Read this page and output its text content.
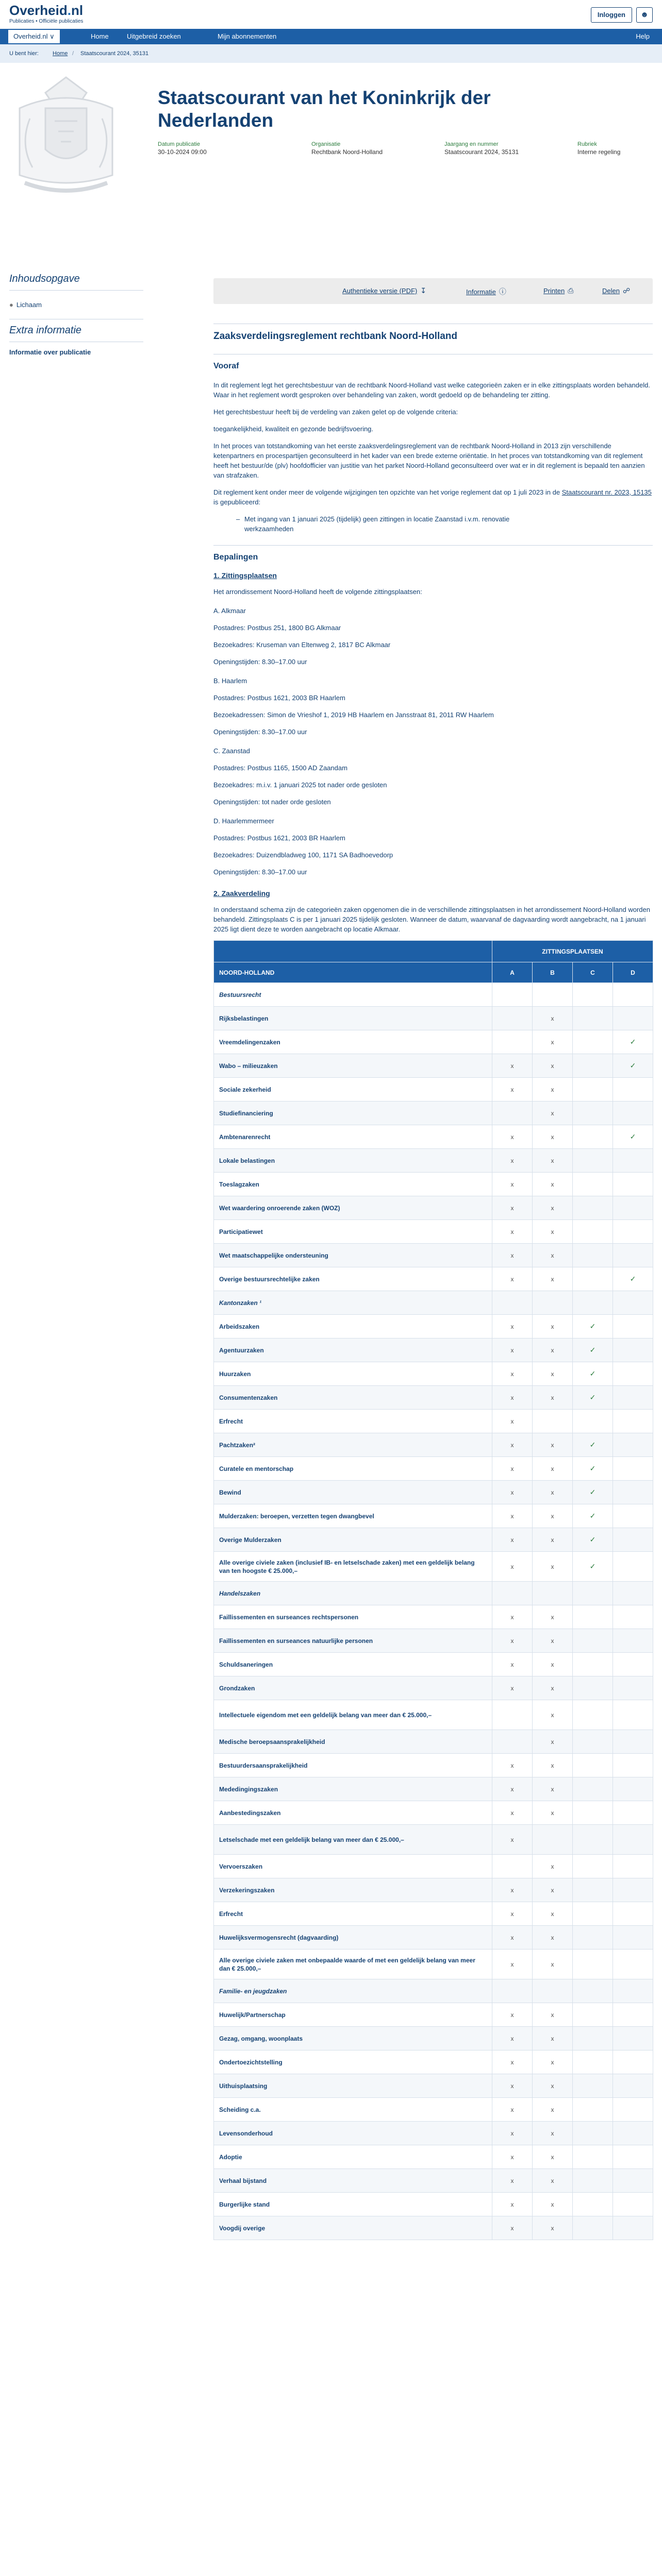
Overheid.nl
Publicaties • Officiële publicaties
Inloggen	☻
Overheid.nl ∨	Home	Uitgebreid zoeken	Mijn abonnementen	Help
U bent hier: Home / Staatscourant 2024, 35131
Staatscourant van het Koninkrijk der Nederlanden
Datum publicatie
30-10-2024 09:00
Organisatie
Rechtbank Noord-Holland
Jaargang en nummer
Staatscourant 2024, 35131
Rubriek
Interne regeling
Inhoudsopgave
● Lichaam
Extra informatie
Informatie over publicatie
Authentieke versie (PDF) ↧	Informatie ⓘ	Printen ⎙	Delen ☍
Zaaksverdelingsreglement rechtbank Noord-Holland
Vooraf
In dit reglement legt het gerechtsbestuur van de rechtbank Noord-Holland vast welke categorieën zaken er in elke zittingsplaats worden behandeld. Waar in het reglement wordt gesproken over behandeling van zaken, wordt gedoeld op de behandeling ter zitting.
Het gerechtsbestuur heeft bij de verdeling van zaken gelet op de volgende criteria:
toegankelijkheid, kwaliteit en gezonde bedrijfsvoering.
In het proces van totstandkoming van het eerste zaaksverdelingsreglement van de rechtbank Noord-Holland in 2013 zijn verschillende ketenpartners en procespartijen geconsulteerd in het kader van een brede externe oriëntatie. In het proces van totstandkoming van dit reglement heeft het bestuur/de (plv) hoofdofficier van justitie van het parket Noord-Holland geconsulteerd over wat er in dit reglement is bepaald ten aanzien van strafzaken.
Dit reglement kent onder meer de volgende wijzigingen ten opzichte van het vorige reglement dat op 1 juli 2023 in de Staatscourant nr. 2023, 15135 is gepubliceerd:
– Met ingang van 1 januari 2025 (tijdelijk) geen zittingen in locatie Zaanstad i.v.m. renovatie werkzaamheden
Bepalingen
1. Zittingsplaatsen
Het arrondissement Noord-Holland heeft de volgende zittingsplaatsen:
A. Alkmaar
Postadres: Postbus 251, 1800 BG Alkmaar
Bezoekadres: Kruseman van Eltenweg 2, 1817 BC Alkmaar
Openingstijden: 8.30–17.00 uur
B. Haarlem
Postadres: Postbus 1621, 2003 BR Haarlem
Bezoekadressen: Simon de Vrieshof 1, 2019 HB Haarlem en Jansstraat 81, 2011 RW Haarlem
Openingstijden: 8.30–17.00 uur
C. Zaanstad
Postadres: Postbus 1165, 1500 AD Zaandam
Bezoekadres: m.i.v. 1 januari 2025 tot nader orde gesloten
Openingstijden: tot nader orde gesloten
D. Haarlemmermeer
Postadres: Postbus 1621, 2003 BR Haarlem
Bezoekadres: Duizendbladweg 100, 1171 SA Badhoevedorp
Openingstijden: 8.30–17.00 uur
2. Zaakverdeling
In onderstaand schema zijn de categorieën zaken opgenomen die in de verschillende zittingsplaatsen in het arrondissement Noord-Holland worden behandeld. Zittingsplaats C is per 1 januari 2025 tijdelijk gesloten. Wanneer de datum, waarvanaf de dagvaarding wordt aangebracht, na 1 januari 2025 ligt dient deze te worden aangebracht op locatie Alkmaar.
	ZITTINGSPLAATSEN			
NOORD-HOLLAND	A	B	C	D
Bestuursrecht				
Rijksbelastingen		x		
Vreemdelingenzaken		x		✓
Wabo – milieuzaken	x	x		✓
Sociale zekerheid	x	x		
Studiefinanciering		x		
Ambtenarenrecht	x	x		✓
Lokale belastingen	x	x		
Toeslagzaken	x	x		
Wet waardering onroerende zaken (WOZ)	x	x		
Participatiewet	x	x		
Wet maatschappelijke ondersteuning	x	x		
Overige bestuursrechtelijke zaken	x	x		✓
Kantonzaken ¹				
Arbeidszaken	x	x	✓	
Agentuurzaken	x	x	✓	
Huurzaken	x	x	✓	
Consumentenzaken	x	x	✓	
Erfrecht	x			
Pachtzaken²	x	x	✓	
Curatele en mentorschap	x	x	✓	
Bewind	x	x	✓	
Mulderzaken: beroepen, verzetten tegen dwangbevel	x	x	✓	
Overige Mulderzaken	x	x	✓	
Alle overige civiele zaken (inclusief IB- en letselschade zaken) met een geldelijk belang van ten hoogste € 25.000,–	x	x	✓	
Handelszaken				
Faillissementen en surseances rechtspersonen	x	x		
Faillissementen en surseances natuurlijke personen	x	x		
Schuldsaneringen	x	x		
Grondzaken	x	x		
Intellectuele eigendom met een geldelijk belang van meer dan € 25.000,–		x		
Medische beroepsaansprakelijkheid		x		
Bestuurdersaansprakelijkheid	x	x		
Mededingingszaken	x	x		
Aanbestedingszaken	x	x		
Letselschade met een geldelijk belang van meer dan € 25.000,–	x			
Vervoerszaken		x		
Verzekeringszaken	x	x		
Erfrecht	x	x		
Huwelijksvermogensrecht (dagvaarding)	x	x		
Alle overige civiele zaken met onbepaalde waarde of met een geldelijk belang van meer dan € 25.000,–	x	x		
Familie- en jeugdzaken				
Huwelijk/Partnerschap	x	x		
Gezag, omgang, woonplaats	x	x		
Ondertoezichtstelling	x	x		
Uithuisplaatsing	x	x		
Scheiding c.a.	x	x		
Levensonderhoud	x	x		
Adoptie	x	x		
Verhaal bijstand	x	x		
Burgerlijke stand	x	x		
Voogdij overige	x	x		
